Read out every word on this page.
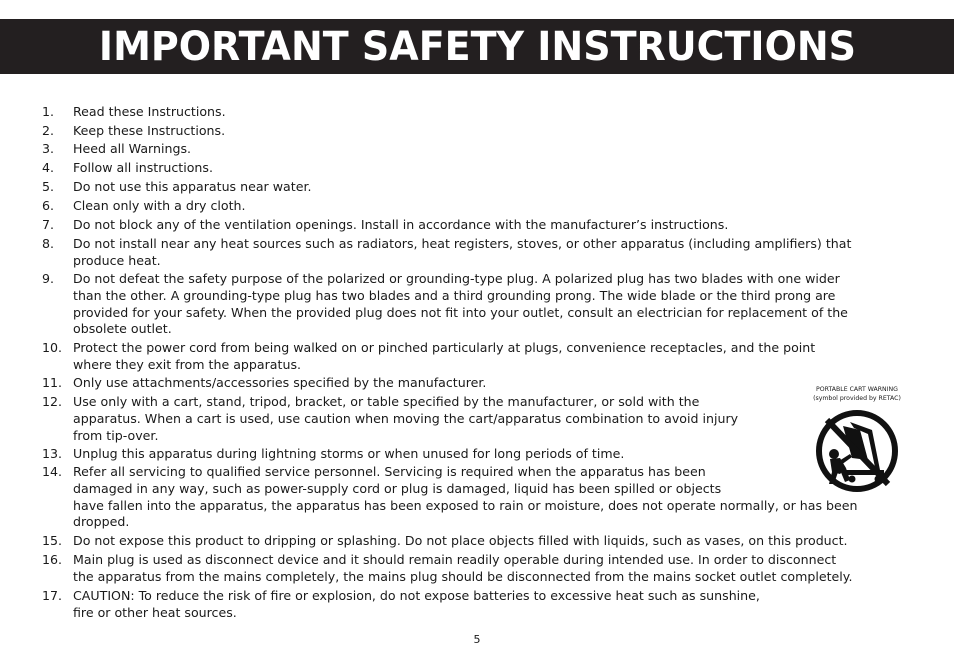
IMPORTANT SAFETY INSTRUCTIONS
1. Read these Instructions.
2. Keep these Instructions.
3. Heed all Warnings.
4. Follow all instructions.
5. Do not use this apparatus near water.
6. Clean only with a dry cloth.
7. Do not block any of the ventilation openings. Install in accordance with the manufacturer’s instructions.
8. Do not install near any heat sources such as radiators, heat registers, stoves, or other apparatus (including amplifiers) that
produce heat.
9. Do not defeat the safety purpose of the polarized or grounding-type plug. A polarized plug has two blades with one wider
than the other. A grounding-type plug has two blades and a third grounding prong. The wide blade or the third prong are
provided for your safety. When the provided plug does not fit into your outlet, consult an electrician for replacement of the
obsolete outlet.
10. Protect the power cord from being walked on or pinched particularly at plugs, convenience receptacles, and the point
where they exit from the apparatus.
11. Only use attachments/accessories specified by the manufacturer.
12. Use only with a cart, stand, tripod, bracket, or table specified by the manufacturer, or sold with the
apparatus. When a cart is used, use caution when moving the cart/apparatus combination to avoid injury
from tip-over.
13. Unplug this apparatus during lightning storms or when unused for long periods of time.
14. Refer all servicing to qualified service personnel. Servicing is required when the apparatus has been
damaged in any way, such as power-supply cord or plug is damaged, liquid has been spilled or objects
have fallen into the apparatus, the apparatus has been exposed to rain or moisture, does not operate normally, or has been
dropped.
15. Do not expose this product to dripping or splashing. Do not place objects filled with liquids, such as vases, on this product.
16. Main plug is used as disconnect device and it should remain readily operable during intended use. In order to disconnect
the apparatus from the mains completely, the mains plug should be disconnected from the mains socket outlet completely.
17. CAUTION: To reduce the risk of fire or explosion, do not expose batteries to excessive heat such as sunshine,
fire or other heat sources.
PORTABLE CART WARNING
(symbol provided by RETAC)
5
